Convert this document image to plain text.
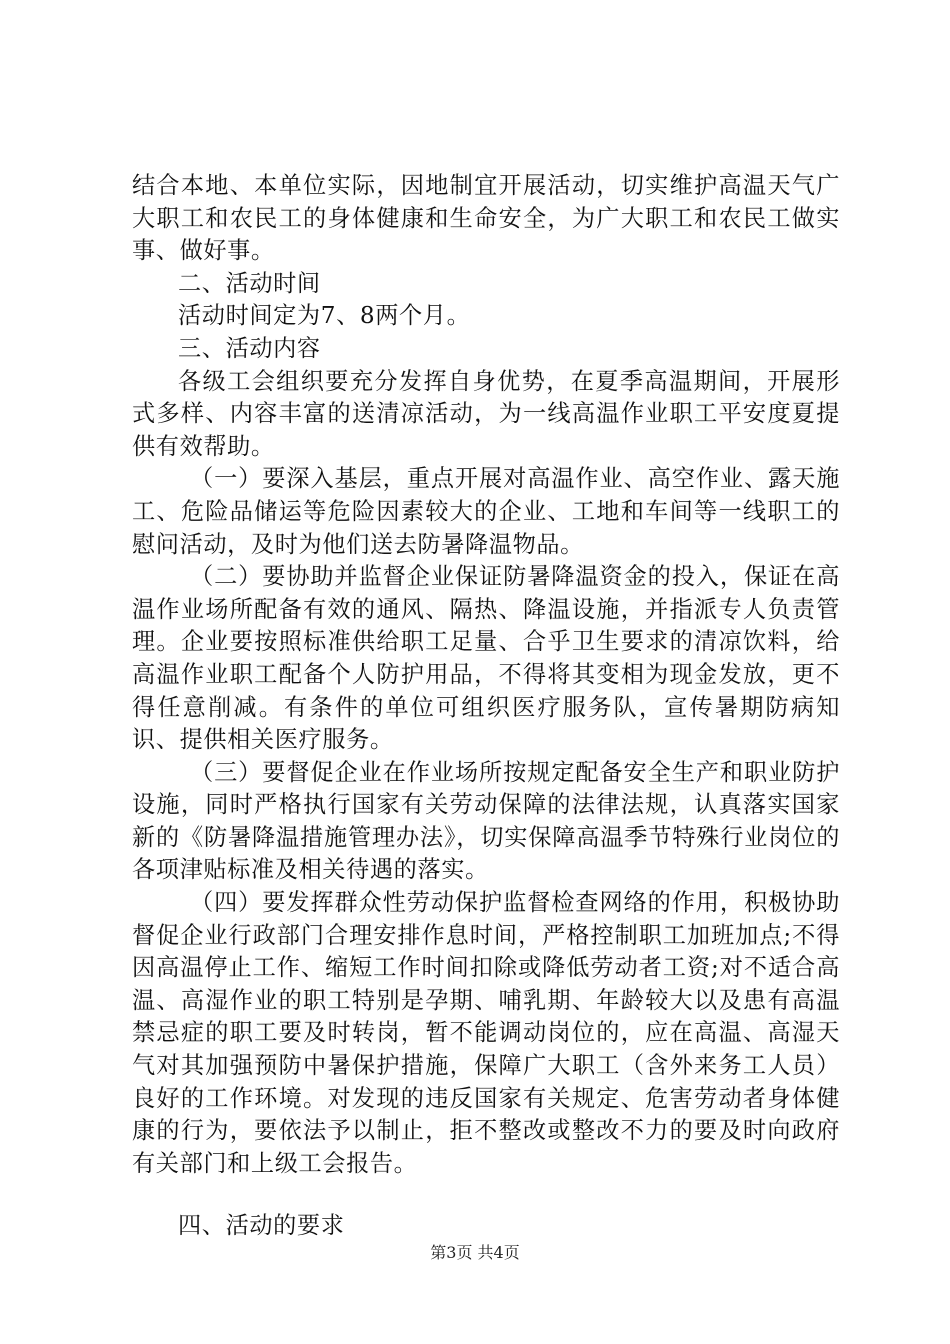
结合本地、本单位实际，因地制宜开展活动，切实维护高温天气广大职工和农民工的身体健康和生命安全，为广大职工和农民工做实事、做好事。

二、活动时间

活动时间定为7、8两个月。

三、活动内容

各级工会组织要充分发挥自身优势，在夏季高温期间，开展形式多样、内容丰富的送清凉活动，为一线高温作业职工平安度夏提供有效帮助。

（一）要深入基层，重点开展对高温作业、高空作业、露天施工、危险品储运等危险因素较大的企业、工地和车间等一线职工的慰问活动，及时为他们送去防暑降温物品。

（二）要协助并监督企业保证防暑降温资金的投入，保证在高温作业场所配备有效的通风、隔热、降温设施，并指派专人负责管理。企业要按照标准供给职工足量、合乎卫生要求的清凉饮料，给高温作业职工配备个人防护用品，不得将其变相为现金发放，更不得任意削减。有条件的单位可组织医疗服务队，宣传暑期防病知识、提供相关医疗服务。

（三）要督促企业在作业场所按规定配备安全生产和职业防护设施，同时严格执行国家有关劳动保障的法律法规，认真落实国家新的《防暑降温措施管理办法》，切实保障高温季节特殊行业岗位的各项津贴标准及相关待遇的落实。

（四）要发挥群众性劳动保护监督检查网络的作用，积极协助督促企业行政部门合理安排作息时间，严格控制职工加班加点;不得因高温停止工作、缩短工作时间扣除或降低劳动者工资;对不适合高温、高湿作业的职工特别是孕期、哺乳期、年龄较大以及患有高温禁忌症的职工要及时转岗，暂不能调动岗位的，应在高温、高湿天气对其加强预防中暑保护措施，保障广大职工（含外来务工人员）良好的工作环境。对发现的违反国家有关规定、危害劳动者身体健康的行为，要依法予以制止，拒不整改或整改不力的要及时向政府有关部门和上级工会报告。

四、活动的要求

第3页 共4页
